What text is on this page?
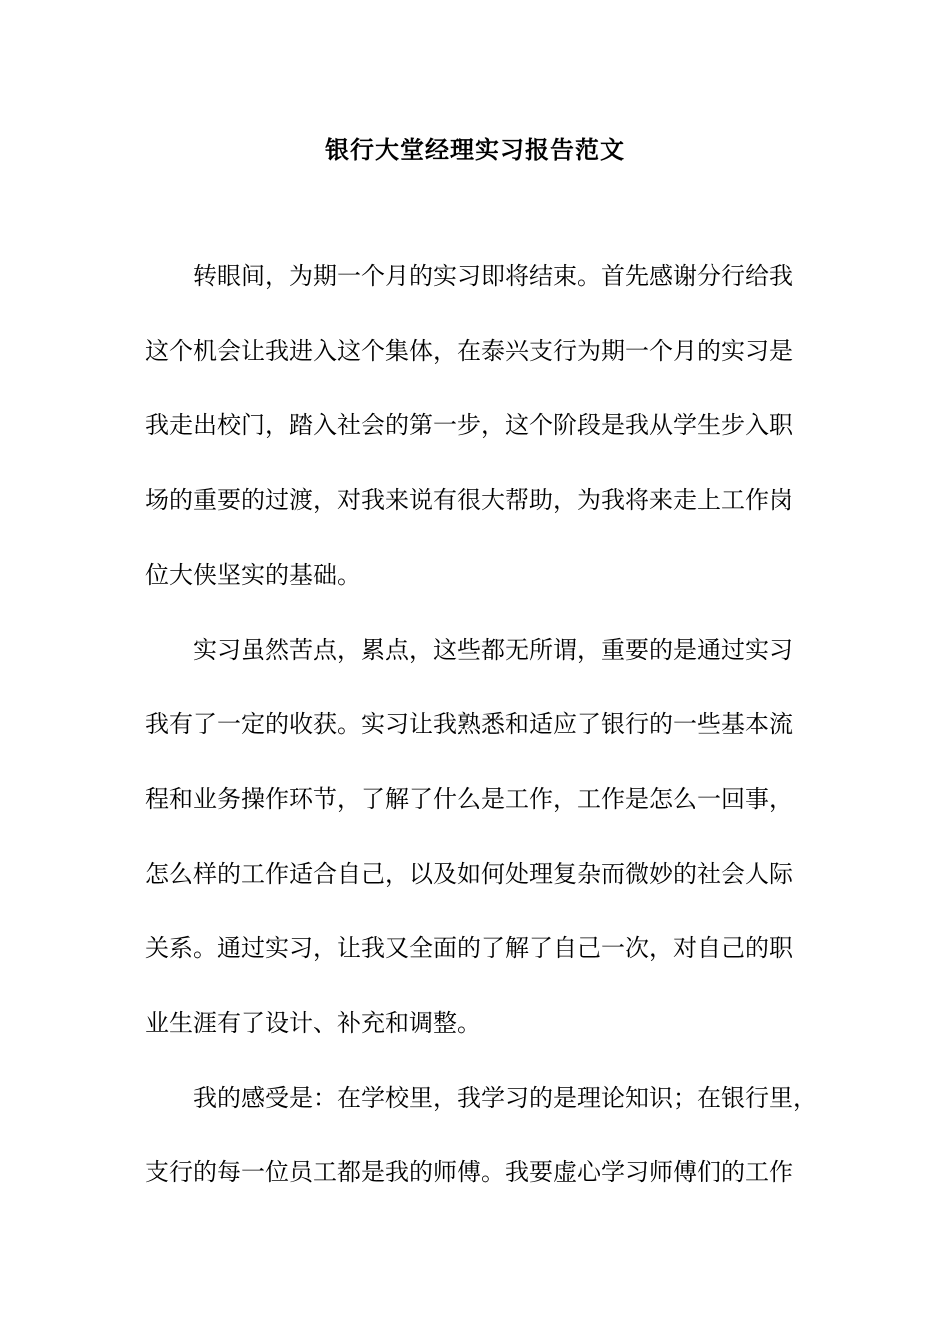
银行大堂经理实习报告范文
转眼间，为期一个月的实习即将结束。首先感谢分行给我
这个机会让我进入这个集体，在泰兴支行为期一个月的实习是
我走出校门，踏入社会的第一步，这个阶段是我从学生步入职
场的重要的过渡，对我来说有很大帮助，为我将来走上工作岗
位大侠坚实的基础。
实习虽然苦点，累点，这些都无所谓，重要的是通过实习
我有了一定的收获。实习让我熟悉和适应了银行的一些基本流
程和业务操作环节，了解了什么是工作，工作是怎么一回事，
怎么样的工作适合自己，以及如何处理复杂而微妙的社会人际
关系。通过实习，让我又全面的了解了自己一次，对自己的职
业生涯有了设计、补充和调整。
我的感受是：在学校里，我学习的是理论知识；在银行里，
支行的每一位员工都是我的师傅。我要虚心学习师傅们的工作
